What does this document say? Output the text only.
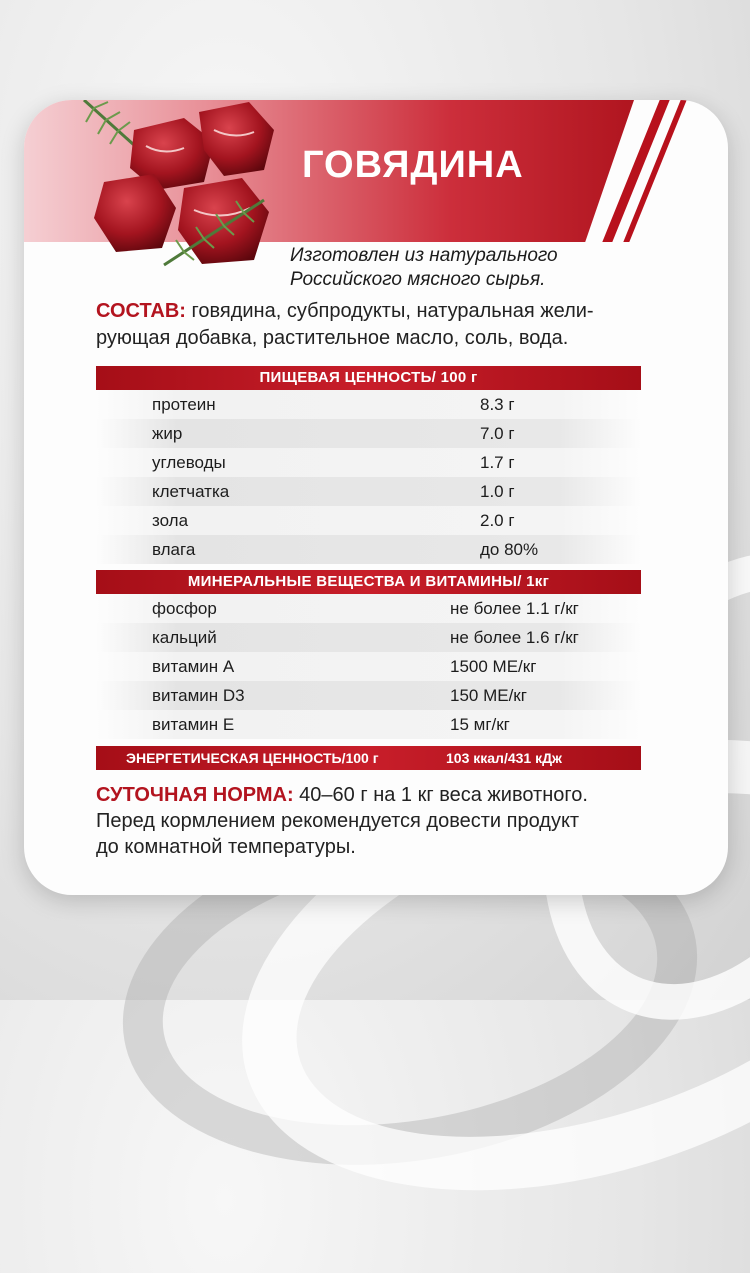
ГОВЯДИНА

Изготовлен из натурального
Российского мясного сырья.

СОСТАВ: говядина, субпродукты, натуральная жели-
рующая добавка, растительное масло, соль, вода.

ПИЩЕВАЯ ЦЕННОСТЬ/ 100 г
протеин	8.3 г
жир	7.0 г
углеводы	1.7 г
клетчатка	1.0 г
зола	2.0 г
влага	до 80%
МИНЕРАЛЬНЫЕ ВЕЩЕСТВА И ВИТАМИНЫ/ 1кг
фосфор	не более 1.1 г/кг
кальций	не более 1.6 г/кг
витамин А	1500 МЕ/кг
витамин D3	150 МЕ/кг
витамин Е	15 мг/кг
ЭНЕРГЕТИЧЕСКАЯ ЦЕННОСТЬ/100 г	103 ккал/431 кДж

СУТОЧНАЯ НОРМА: 40–60 г на 1 кг веса животного.
Перед кормлением рекомендуется довести продукт
до комнатной температуры.
